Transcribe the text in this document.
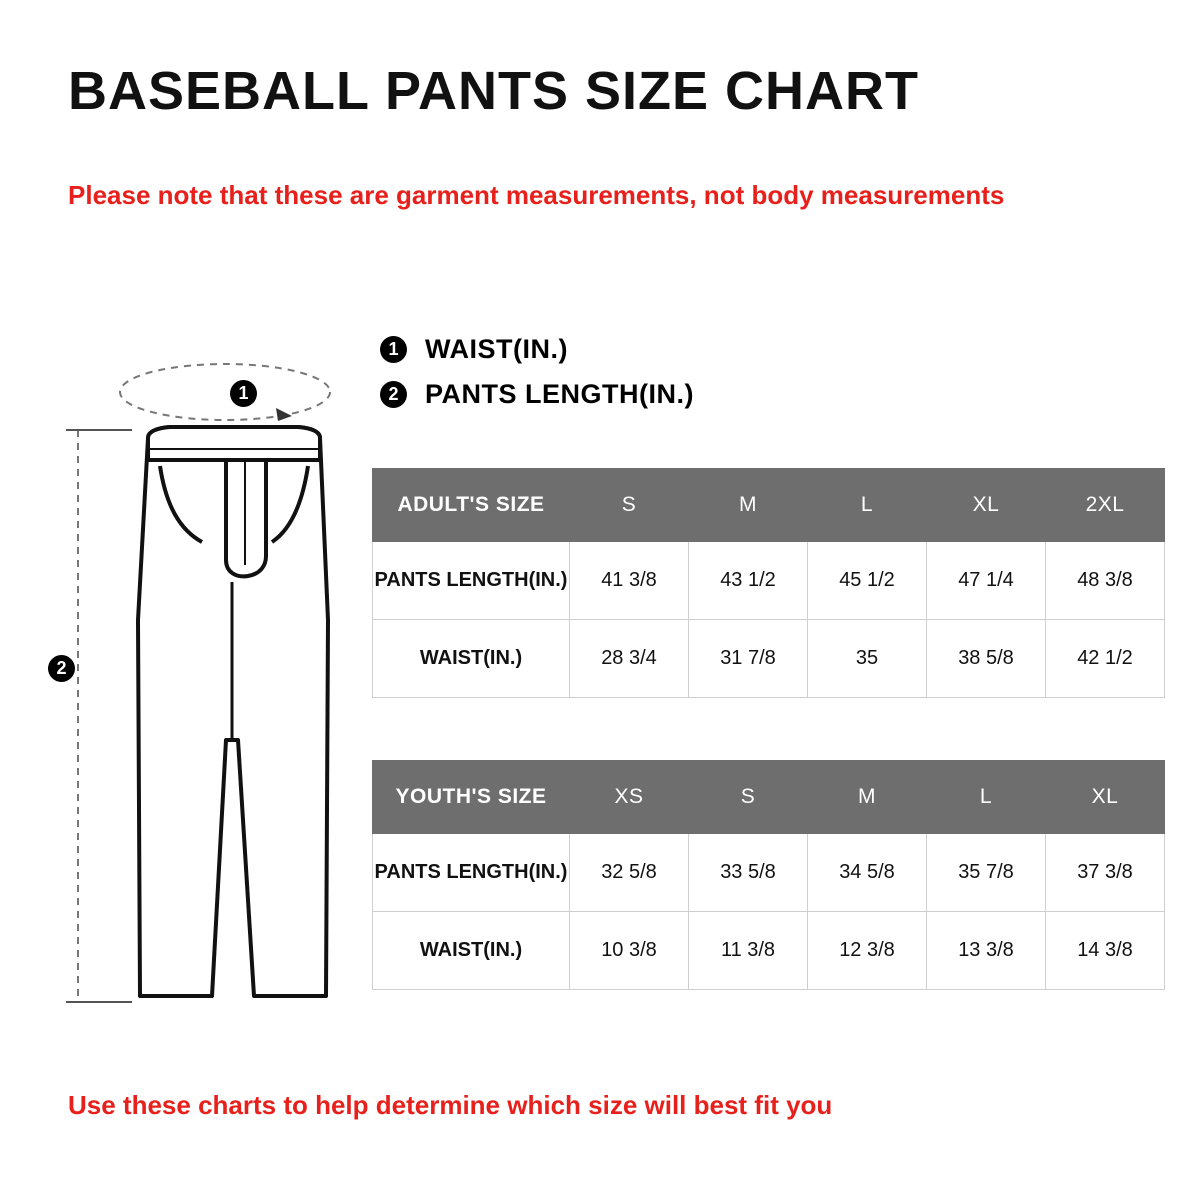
BASEBALL PANTS SIZE CHART
Please note that these are garment measurements, not body measurements
1 WAIST(IN.)
2 PANTS LENGTH(IN.)
1
2
ADULT'S SIZE	S	M	L	XL	2XL
PANTS LENGTH(IN.)	41 3/8	43 1/2	45 1/2	47 1/4	48 3/8
WAIST(IN.)	28 3/4	31 7/8	35	38 5/8	42 1/2
YOUTH'S SIZE	XS	S	M	L	XL
PANTS LENGTH(IN.)	32 5/8	33 5/8	34 5/8	35 7/8	37 3/8
WAIST(IN.)	10 3/8	11 3/8	12 3/8	13 3/8	14 3/8
Use these charts to help determine which size will best fit you
